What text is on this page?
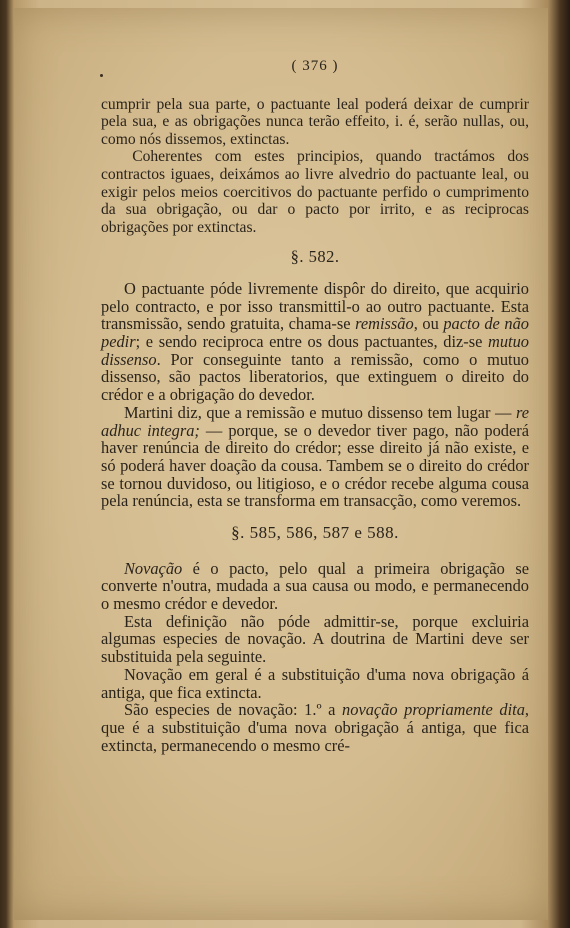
( 376 )

cumprir pela sua parte, o pactuante leal poderá deixar de cumprir pela sua, e as obrigações nunca terão effeito, i. é, serão nullas, ou, como nós dissemos, extinctas.

Coherentes com estes principios, quando tractámos dos contractos iguaes, deixámos ao livre alvedrio do pactuante leal, ou exigir pelos meios coercitivos do pactuante perfido o cumprimento da sua obrigação, ou dar o pacto por irrito, e as reciprocas obrigações por extinctas.

§. 582.

O pactuante póde livremente dispôr do direito, que acquirio pelo contracto, e por isso transmittil-o ao outro pactuante. Esta transmissão, sendo gratuita, chama-se remissão, ou pacto de não pedir; e sendo reciproca entre os dous pactuantes, diz-se mutuo dissenso. Por conseguinte tanto a remissão, como o mutuo dissenso, são pactos liberatorios, que extinguem o direito do crédor e a obrigação do devedor.

Martini diz, que a remissão e mutuo dissenso tem lugar — re adhuc integra; — porque, se o devedor tiver pago, não poderá haver renúncia de direito do crédor; esse direito já não existe, e só poderá haver doação da cousa. Tambem se o direito do crédor se tornou duvidoso, ou litigioso, e o crédor recebe alguma cousa pela renúncia, esta se transforma em transacção, como veremos.

§. 585, 586, 587 e 588.

Novação é o pacto, pelo qual a primeira obrigação se converte n'outra, mudada a sua causa ou modo, e permanecendo o mesmo crédor e devedor.

Esta definição não póde admittir-se, porque excluiria algumas especies de novação. A doutrina de Martini deve ser substituida pela seguinte.

Novação em geral é a substituição d'uma nova obrigação á antiga, que fica extincta.

São especies de novação: 1.º a novação propriamente dita, que é a substituição d'uma nova obrigação á antiga, que fica extincta, permanecendo o mesmo cré-
